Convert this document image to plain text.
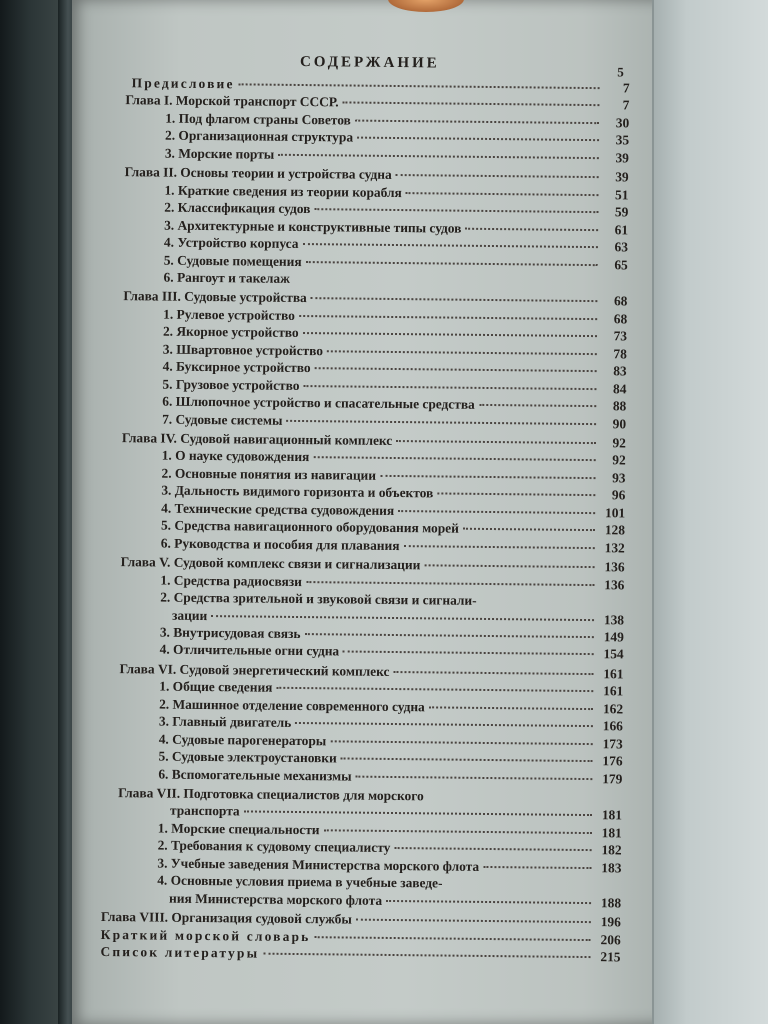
СОДЕРЖАНИЕ
5
Предисловие	7
Глава I. Морской транспорт СССР.	7
1. Под флагом страны Советов	30
2. Организационная структура	35
3. Морские порты	39
Глава II. Основы теории и устройства судна	39
1. Краткие сведения из теории корабля	51
2. Классификация судов	59
3. Архитектурные и конструктивные типы судов	61
4. Устройство корпуса	63
5. Судовые помещения	65
6. Рангоут и такелаж
Глава III. Судовые устройства	68
1. Рулевое устройство	68
2. Якорное устройство	73
3. Швартовное устройство	78
4. Буксирное устройство	83
5. Грузовое устройство	84
6. Шлюпочное устройство и спасательные средства	88
7. Судовые системы	90
Глава IV. Судовой навигационный комплекс	92
1. О науке судовождения	92
2. Основные понятия из навигации	93
3. Дальность видимого горизонта и объектов	96
4. Технические средства судовождения	101
5. Средства навигационного оборудования морей	128
6. Руководства и пособия для плавания	132
Глава V. Судовой комплекс связи и сигнализации	136
1. Средства радиосвязи	136
2. Средства зрительной и звуковой связи и сигнали-
зации	138
3. Внутрисудовая связь	149
4. Отличительные огни судна	154
Глава VI. Судовой энергетический комплекс	161
1. Общие сведения	161
2. Машинное отделение современного судна	162
3. Главный двигатель	166
4. Судовые парогенераторы	173
5. Судовые электроустановки	176
6. Вспомогательные механизмы	179
Глава VII. Подготовка специалистов для морского
транспорта	181
1. Морские специальности	181
2. Требования к судовому специалисту	182
3. Учебные заведения Министерства морского флота	183
4. Основные условия приема в учебные заведе-
ния Министерства морского флота	188
Глава VIII. Организация судовой службы	196
Краткий морской словарь	206
Список литературы	215
